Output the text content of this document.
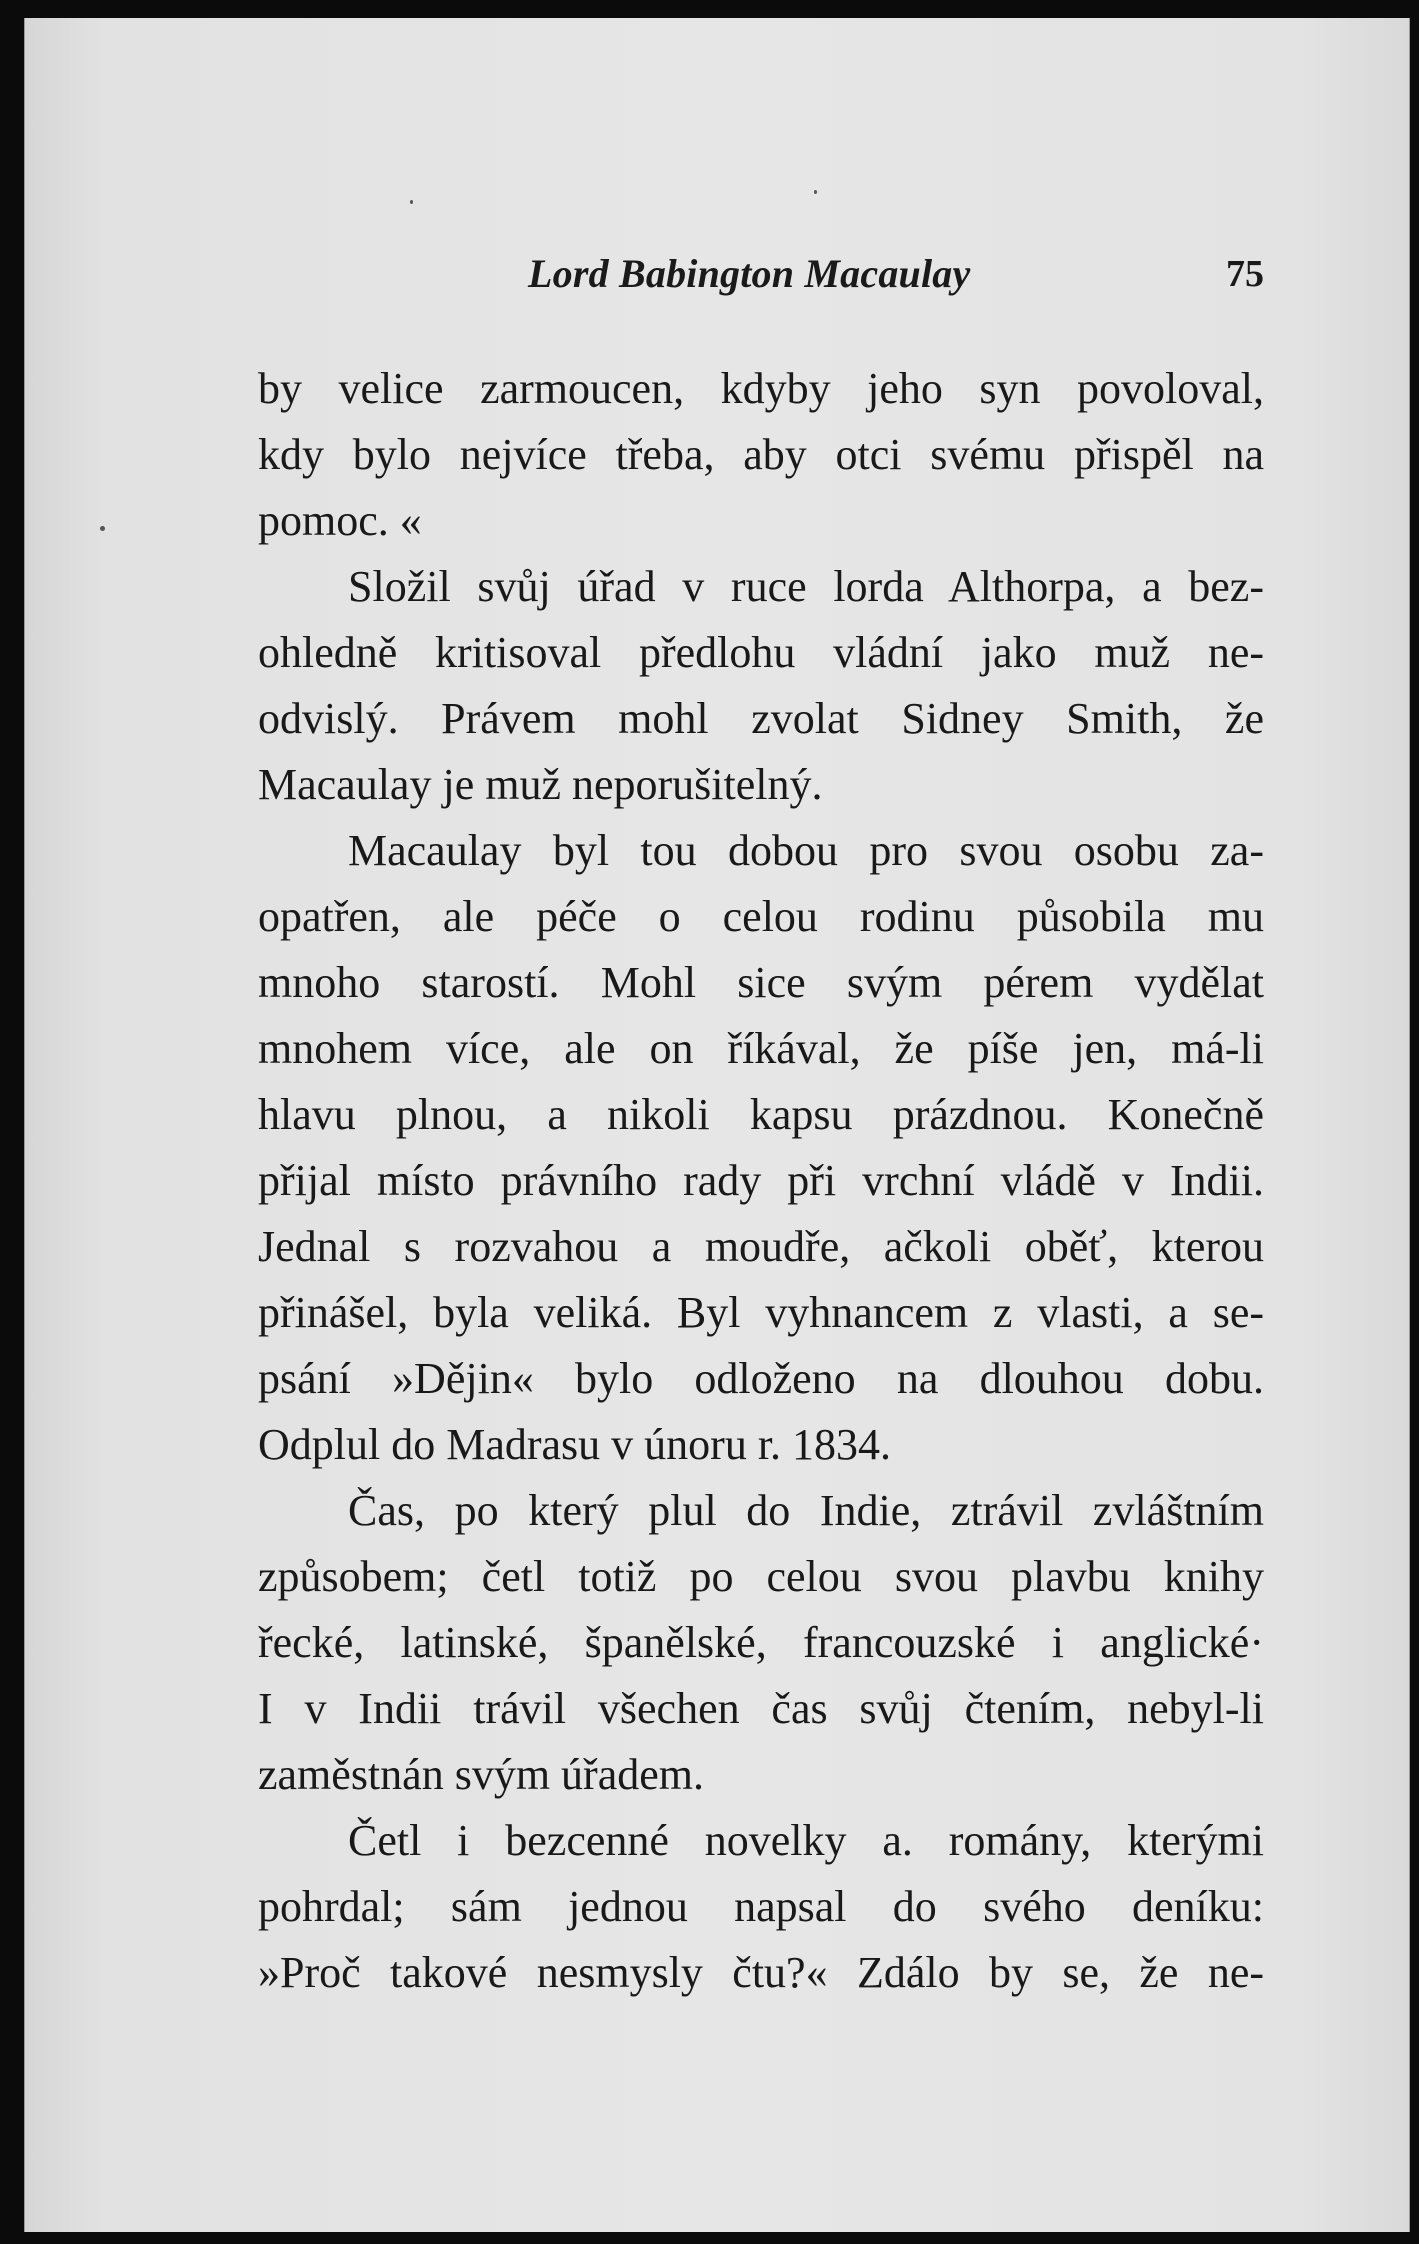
Lord Babington Macaulay	75
by velice zarmoucen, kdyby jeho syn povoloval,
kdy bylo nejvíce třeba, aby otci svému přispěl na
pomoc. «
Složil svůj úřad v ruce lorda Althorpa, a bez-
ohledně kritisoval předlohu vládní jako muž ne-
odvislý. Právem mohl zvolat Sidney Smith, že
Macaulay je muž neporušitelný.
Macaulay byl tou dobou pro svou osobu za-
opatřen, ale péče o celou rodinu působila mu
mnoho starostí. Mohl sice svým pérem vydělat
mnohem více, ale on říkával, že píše jen, má-li
hlavu plnou, a nikoli kapsu prázdnou. Konečně
přijal místo právního rady při vrchní vládě v Indii.
Jednal s rozvahou a moudře, ačkoli oběť, kterou
přinášel, byla veliká. Byl vyhnancem z vlasti, a se-
psání »Dějin« bylo odloženo na dlouhou dobu.
Odplul do Madrasu v únoru r. 1834.
Čas, po který plul do Indie, ztrávil zvláštním
způsobem; četl totiž po celou svou plavbu knihy
řecké, latinské, španělské, francouzské i anglické·
I v Indii trávil všechen čas svůj čtením, nebyl-li
zaměstnán svým úřadem.
Četl i bezcenné novelky a. romány, kterými
pohrdal; sám jednou napsal do svého deníku:
»Proč takové nesmysly čtu?« Zdálo by se, že ne-
